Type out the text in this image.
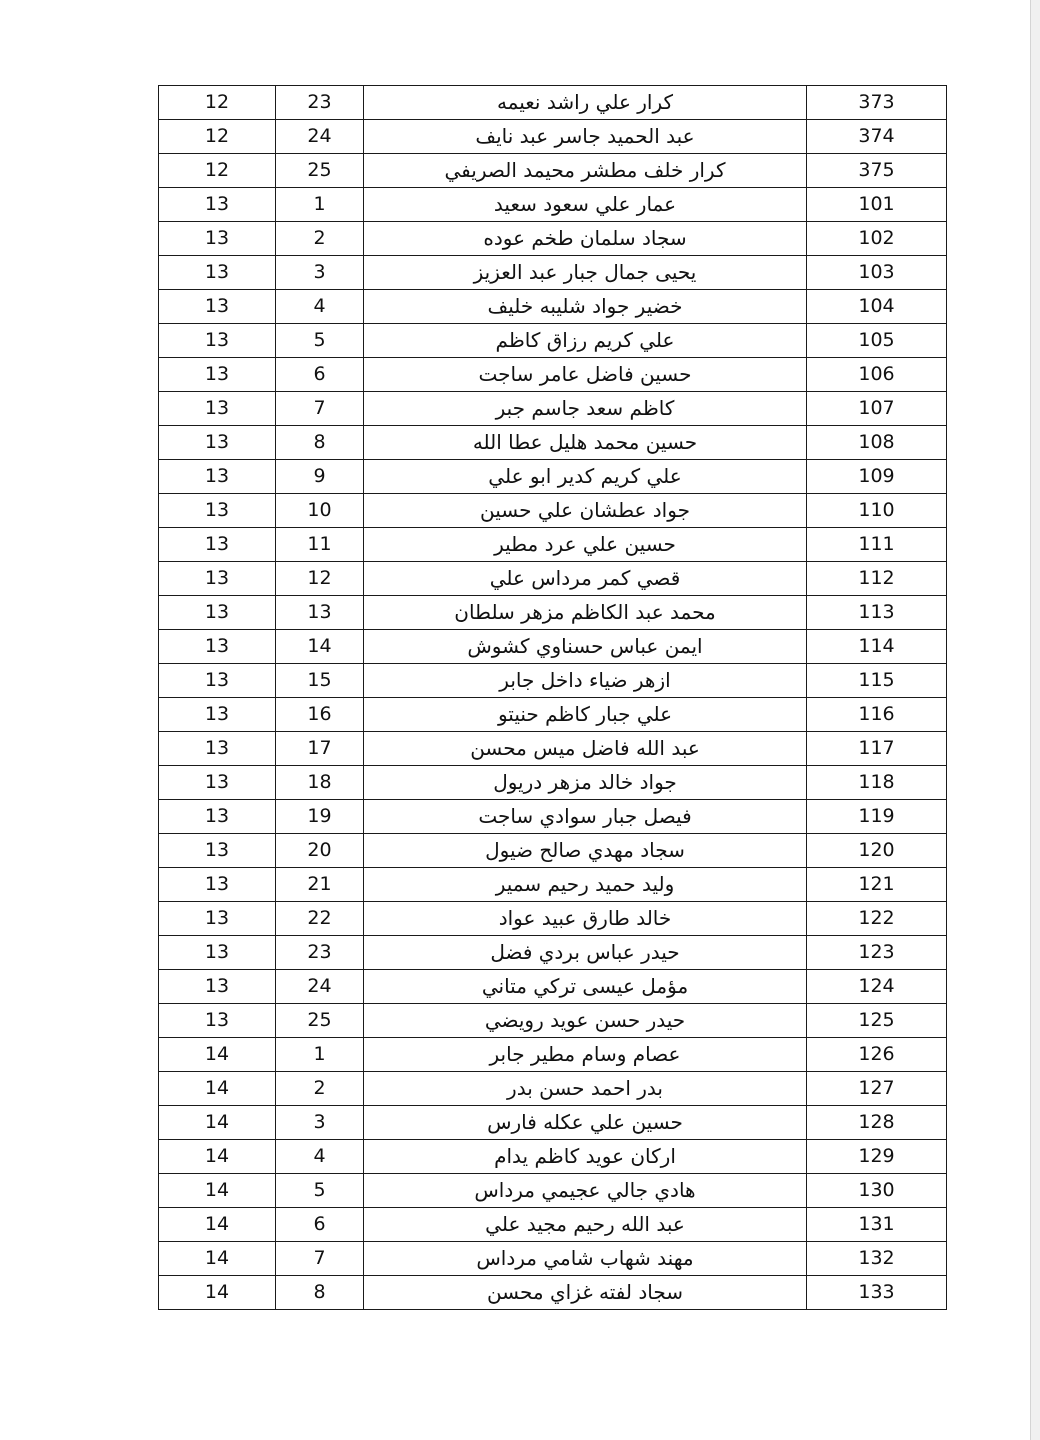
12	23	كرار علي راشد نعيمه	373
12	24	عبد الحميد جاسر عبد نايف	374
12	25	كرار خلف مطشر محيمد الصريفي	375
13	1	عمار علي سعود سعيد	101
13	2	سجاد سلمان طخم عوده	102
13	3	يحيى جمال جبار عبد العزيز	103
13	4	خضير جواد شليبه خليف	104
13	5	علي كريم رزاق كاظم	105
13	6	حسين فاضل عامر ساجت	106
13	7	كاظم سعد جاسم جبر	107
13	8	حسين محمد هليل عطا الله	108
13	9	علي كريم كدير ابو علي	109
13	10	جواد عطشان علي حسين	110
13	11	حسين علي عرد مطير	111
13	12	قصي كمر مرداس علي	112
13	13	محمد عبد الكاظم مزهر سلطان	113
13	14	ايمن عباس حسناوي كشوش	114
13	15	ازهر ضياء داخل جابر	115
13	16	علي جبار كاظم حنيتو	116
13	17	عبد الله فاضل ميس محسن	117
13	18	جواد خالد مزهر دريول	118
13	19	فيصل جبار سوادي ساجت	119
13	20	سجاد مهدي صالح ضيول	120
13	21	وليد حميد رحيم سمير	121
13	22	خالد طارق عبيد عواد	122
13	23	حيدر عباس بردي فضل	123
13	24	مؤمل عيسى تركي متاني	124
13	25	حيدر حسن عويد رويضي	125
14	1	عصام وسام مطير جابر	126
14	2	بدر احمد حسن بدر	127
14	3	حسين علي عكله فارس	128
14	4	اركان عويد كاظم يدام	129
14	5	هادي جالي عجيمي مرداس	130
14	6	عبد الله رحيم مجيد علي	131
14	7	مهند شهاب شامي مرداس	132
14	8	سجاد لفته غزاي محسن	133
